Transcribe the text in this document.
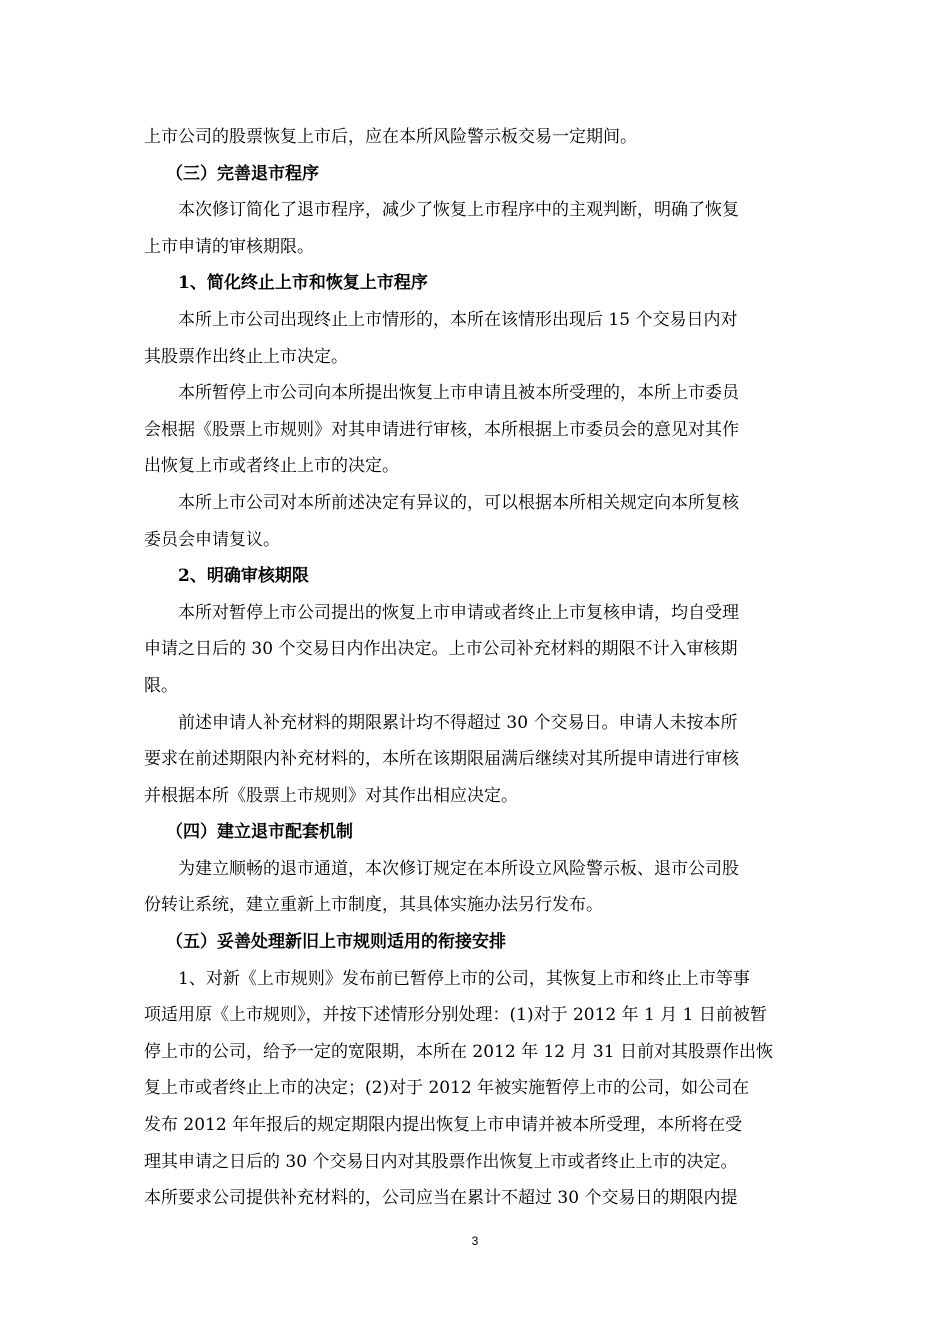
上市公司的股票恢复上市后，应在本所风险警示板交易一定期间。
（三）完善退市程序
本次修订简化了退市程序，减少了恢复上市程序中的主观判断，明确了恢复
上市申请的审核期限。
1、简化终止上市和恢复上市程序
本所上市公司出现终止上市情形的，本所在该情形出现后 15 个交易日内对
其股票作出终止上市决定。
本所暂停上市公司向本所提出恢复上市申请且被本所受理的，本所上市委员
会根据《股票上市规则》对其申请进行审核，本所根据上市委员会的意见对其作
出恢复上市或者终止上市的决定。
本所上市公司对本所前述决定有异议的，可以根据本所相关规定向本所复核
委员会申请复议。
2、明确审核期限
本所对暂停上市公司提出的恢复上市申请或者终止上市复核申请，均自受理
申请之日后的 30 个交易日内作出决定。上市公司补充材料的期限不计入审核期
限。
前述申请人补充材料的期限累计均不得超过 30 个交易日。申请人未按本所
要求在前述期限内补充材料的，本所在该期限届满后继续对其所提申请进行审核
并根据本所《股票上市规则》对其作出相应决定。
（四）建立退市配套机制
为建立顺畅的退市通道，本次修订规定在本所设立风险警示板、退市公司股
份转让系统，建立重新上市制度，其具体实施办法另行发布。
（五）妥善处理新旧上市规则适用的衔接安排
1、对新《上市规则》发布前已暂停上市的公司，其恢复上市和终止上市等事
项适用原《上市规则》，并按下述情形分别处理：(1)对于 2012 年 1 月 1 日前被暂
停上市的公司，给予一定的宽限期，本所在 2012 年 12 月 31 日前对其股票作出恢
复上市或者终止上市的决定；(2)对于 2012 年被实施暂停上市的公司，如公司在
发布 2012 年年报后的规定期限内提出恢复上市申请并被本所受理，本所将在受
理其申请之日后的 30 个交易日内对其股票作出恢复上市或者终止上市的决定。
本所要求公司提供补充材料的，公司应当在累计不超过 30 个交易日的期限内提
3
